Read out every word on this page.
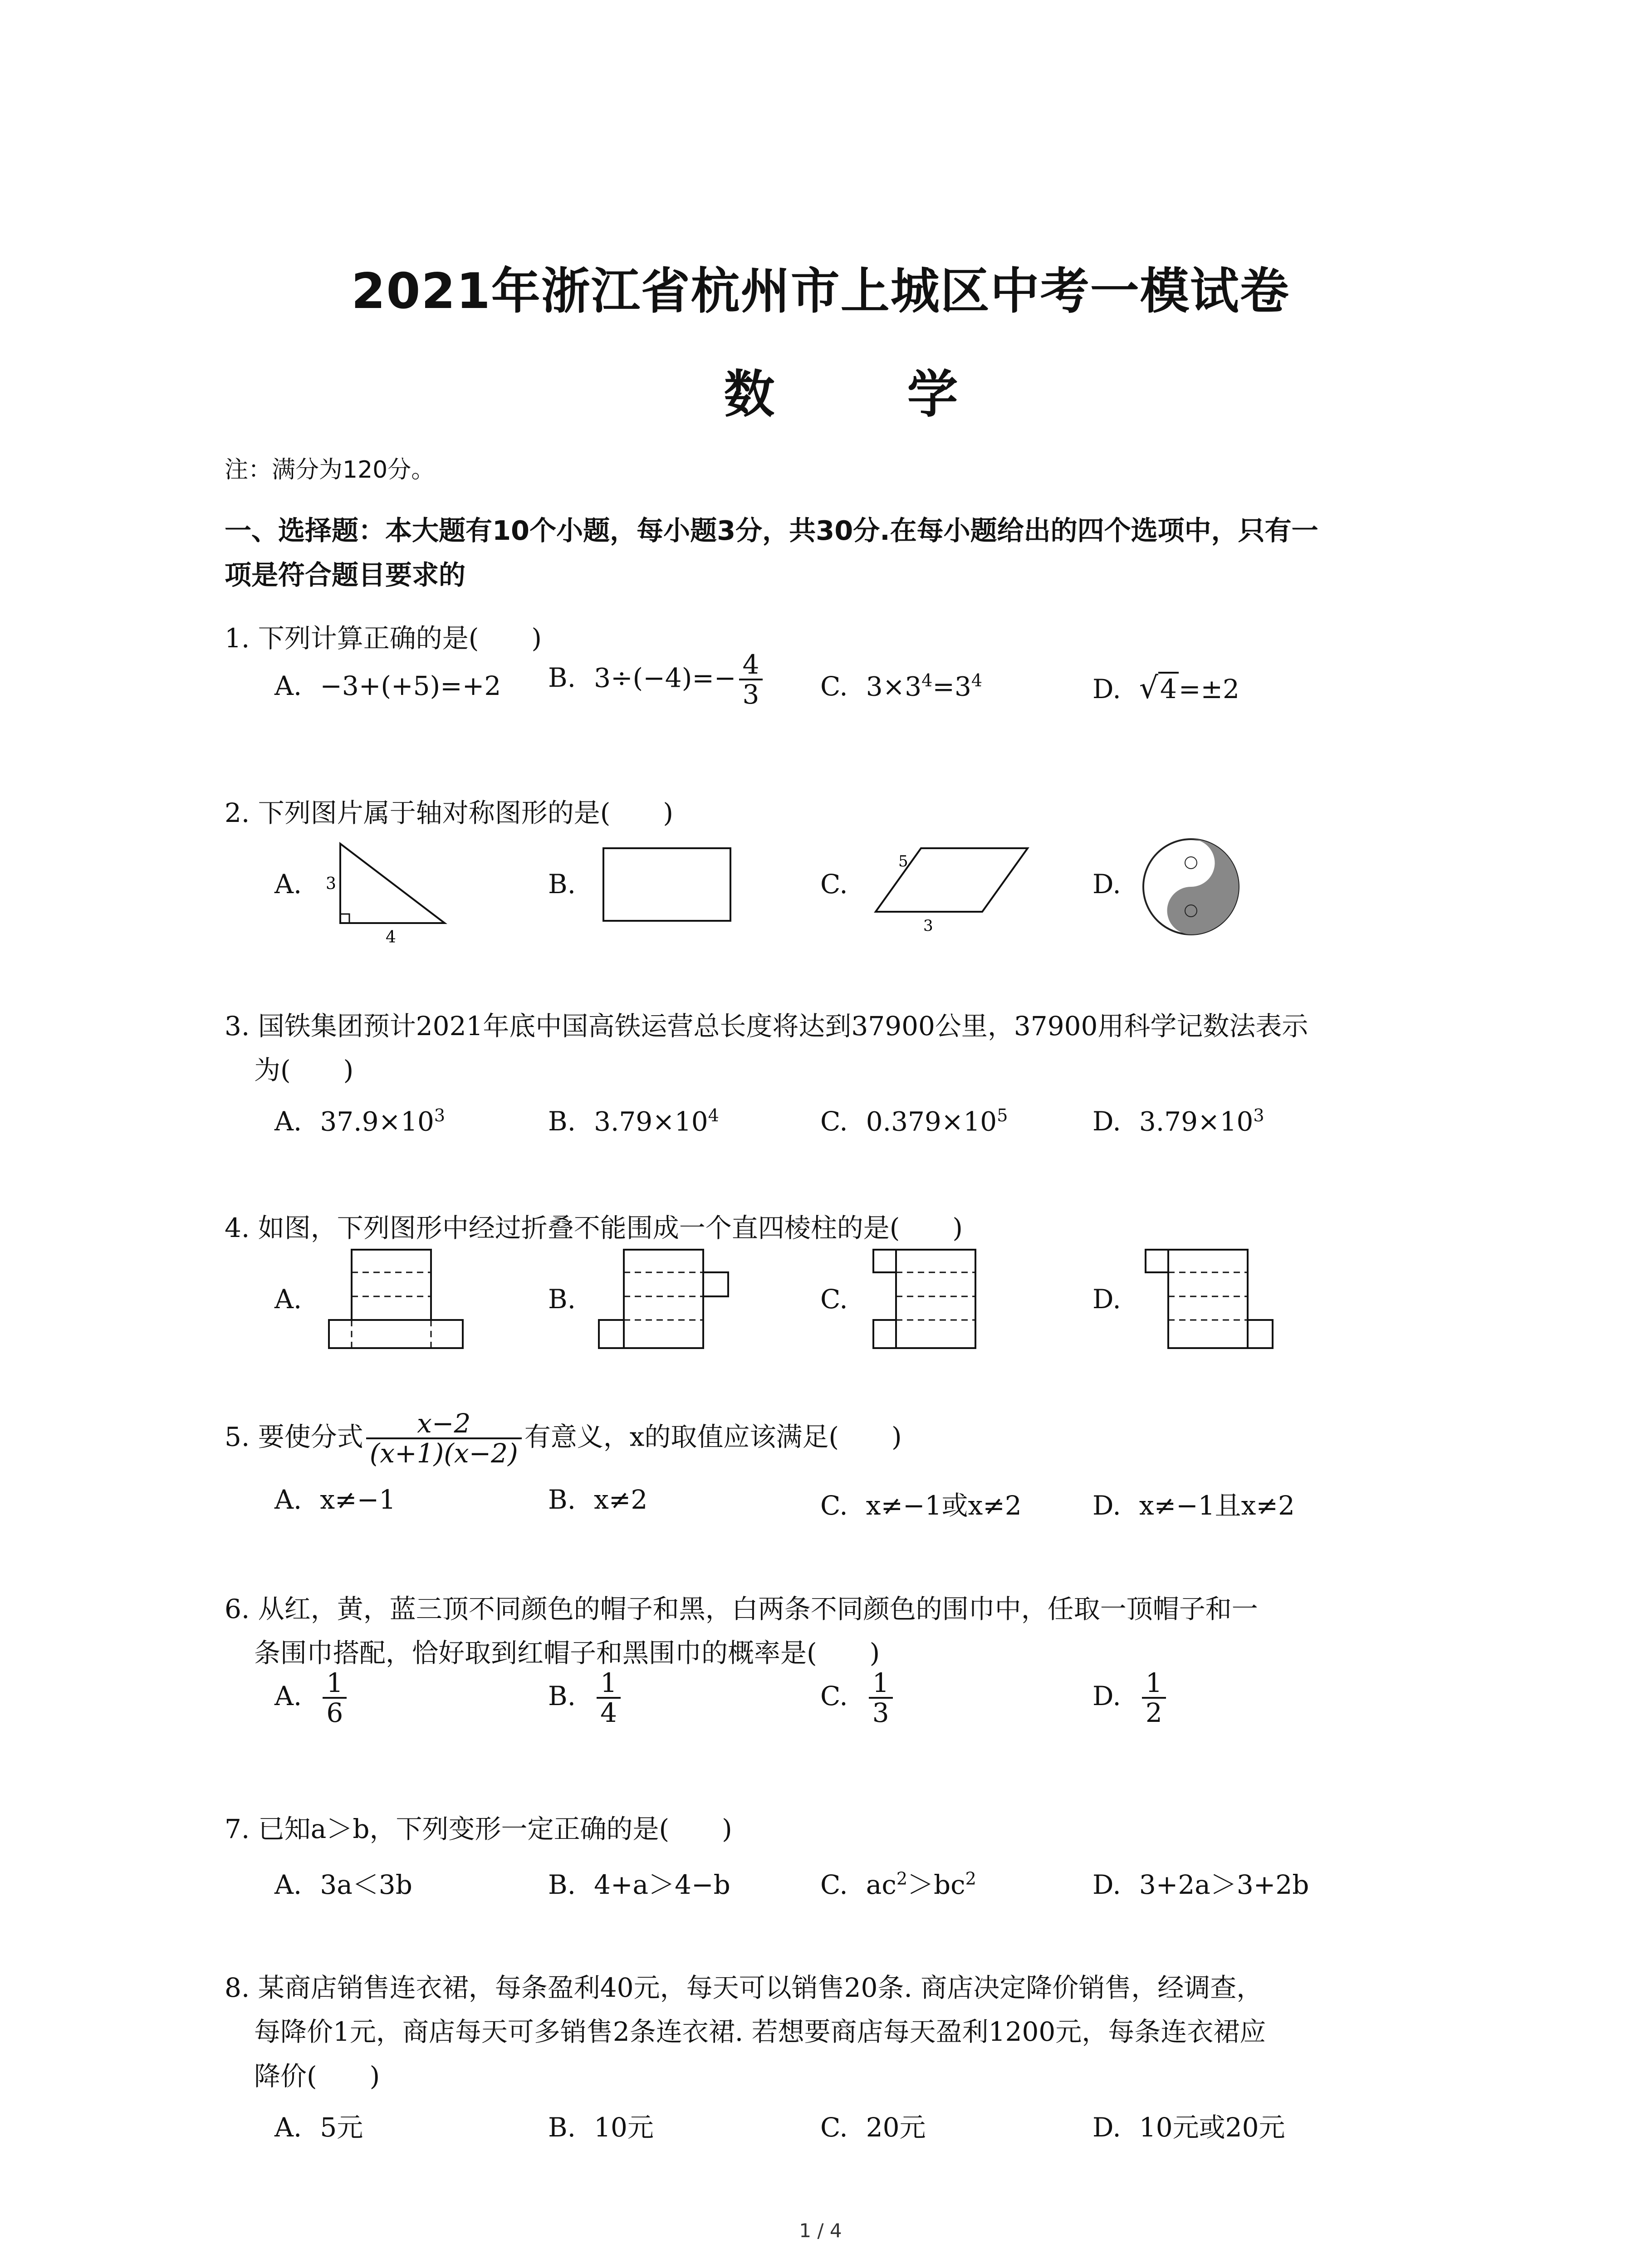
2021年浙江省杭州市上城区中考一模试卷
数　学
注：满分为120分。
一、选择题：本大题有10个小题，每小题3分，共30分.在每小题给出的四个选项中，只有一
项是符合题目要求的
1. 下列计算正确的是(　　)
A. −3+(+5)=+2 B. $3\div(-4)=- \frac{4}{3} C$. $3\times 3^4=3^4$	D. √4=±2
2. 下列图片属于轴对称图形的是(　　)
A.	B.	C.	D.
3
4
5
3
3. 国铁集团预计2021年底中国高铁运营总长度将达到37900公里，37900用科学记数法表示
为(　　)
A. $37.9\times 10^3$	B. $3.79\times 10^4$	C. $0.379\times 10^5$	D. $3.79\times 10^3$
4. 如图，下列图形中经过折叠不能围成一个直四棱柱的是(　　)
A.	B.	C.	D.
5. 要使分式 $\frac{x-2}{(x+1)(x-2)}$ 有意义，x的取值应该满足(　　)
A. x≠−1	B. x≠2	C. x≠−1或x≠2	D. x≠−1且x≠2
6. 从红，黄，蓝三顶不同颜色的帽子和黑，白两条不同颜色的围巾中，任取一顶帽子和一
条围巾搭配，恰好取到红帽子和黑围巾的概率是(　　)
A. $\frac{1}{6}$	B. $\frac{1}{4}$	C. $\frac{1}{3}$	D. $\frac{1}{2}$
7. 已知a＞b，下列变形一定正确的是(　　)
A. 3a＜3b	B. 4+a＞4−b	C. $ac^2>bc^2$	D. 3+2a＞3+2b
8. 某商店销售连衣裙，每条盈利40元，每天可以销售20条. 商店决定降价销售，经调查，
每降价1元，商店每天可多销售2条连衣裙. 若想要商店每天盈利1200元，每条连衣裙应
降价(　　)
A. 5元	B. 10元	C. 20元	D. 10元或20元
1 / 4
